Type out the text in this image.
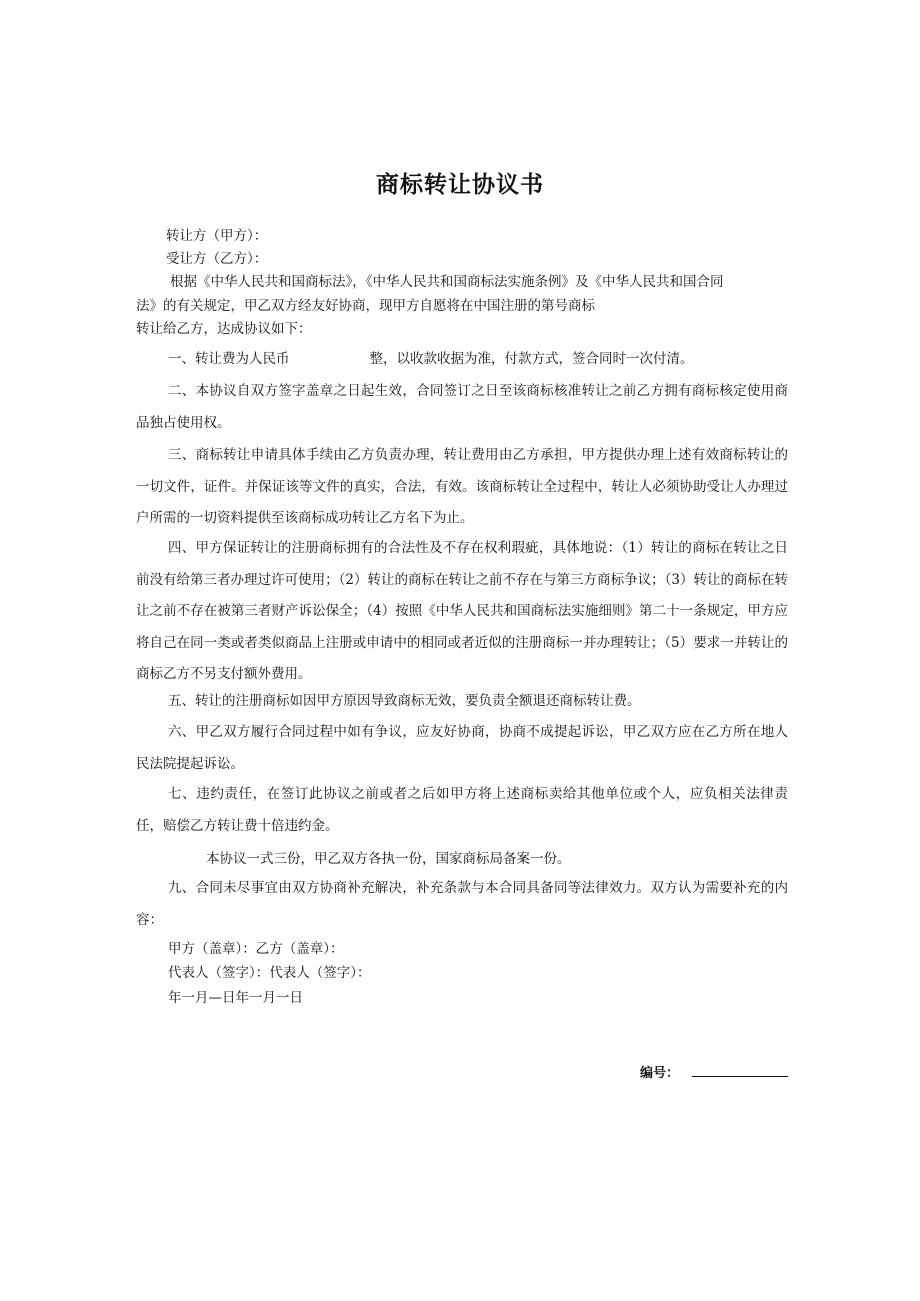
商标转让协议书
转让方（甲方）：
受让方（乙方）：
根据《中华人民共和国商标法》，《中华人民共和国商标法实施条例》及《中华人民共和国合同
法》的有关规定，甲乙双方经友好协商，现甲方自愿将在中国注册的第号商标
转让给乙方，达成协议如下：
一、转让费为人民币	整，以收款收据为准，付款方式，签合同时一次付清。
二、本协议自双方签字盖章之日起生效，合同签订之日至该商标核准转让之前乙方拥有商标核定使用商品独占使用权。
三、商标转让申请具体手续由乙方负责办理，转让费用由乙方承担，甲方提供办理上述有效商标转让的一切文件，证件。并保证该等文件的真实，合法，有效。该商标转让全过程中，转让人必须协助受让人办理过户所需的一切资料提供至该商标成功转让乙方名下为止。
四、甲方保证转让的注册商标拥有的合法性及不存在权利瑕疵，具体地说：（1）转让的商标在转让之日前没有给第三者办理过许可使用；（2）转让的商标在转让之前不存在与第三方商标争议；（3）转让的商标在转让之前不存在被第三者财产诉讼保全；（4）按照《中华人民共和国商标法实施细则》第二十一条规定，甲方应将自己在同一类或者类似商品上注册或申请中的相同或者近似的注册商标一并办理转让；（5）要求一并转让的商标乙方不另支付额外费用。
五、转让的注册商标如因甲方原因导致商标无效，要负责全额退还商标转让费。
六、甲乙双方履行合同过程中如有争议，应友好协商，协商不成提起诉讼，甲乙双方应在乙方所在地人民法院提起诉讼。
七、违约责任，在签订此协议之前或者之后如甲方将上述商标卖给其他单位或个人，应负相关法律责任，赔偿乙方转让费十倍违约金。
本协议一式三份，甲乙双方各执一份，国家商标局备案一份。
九、合同未尽事宜由双方协商补充解决，补充条款与本合同具备同等法律效力。双方认为需要补充的内容：
甲方（盖章）：乙方（盖章）：
代表人（签字）：代表人（签字）：
年一月—日年一月一日
编号：
